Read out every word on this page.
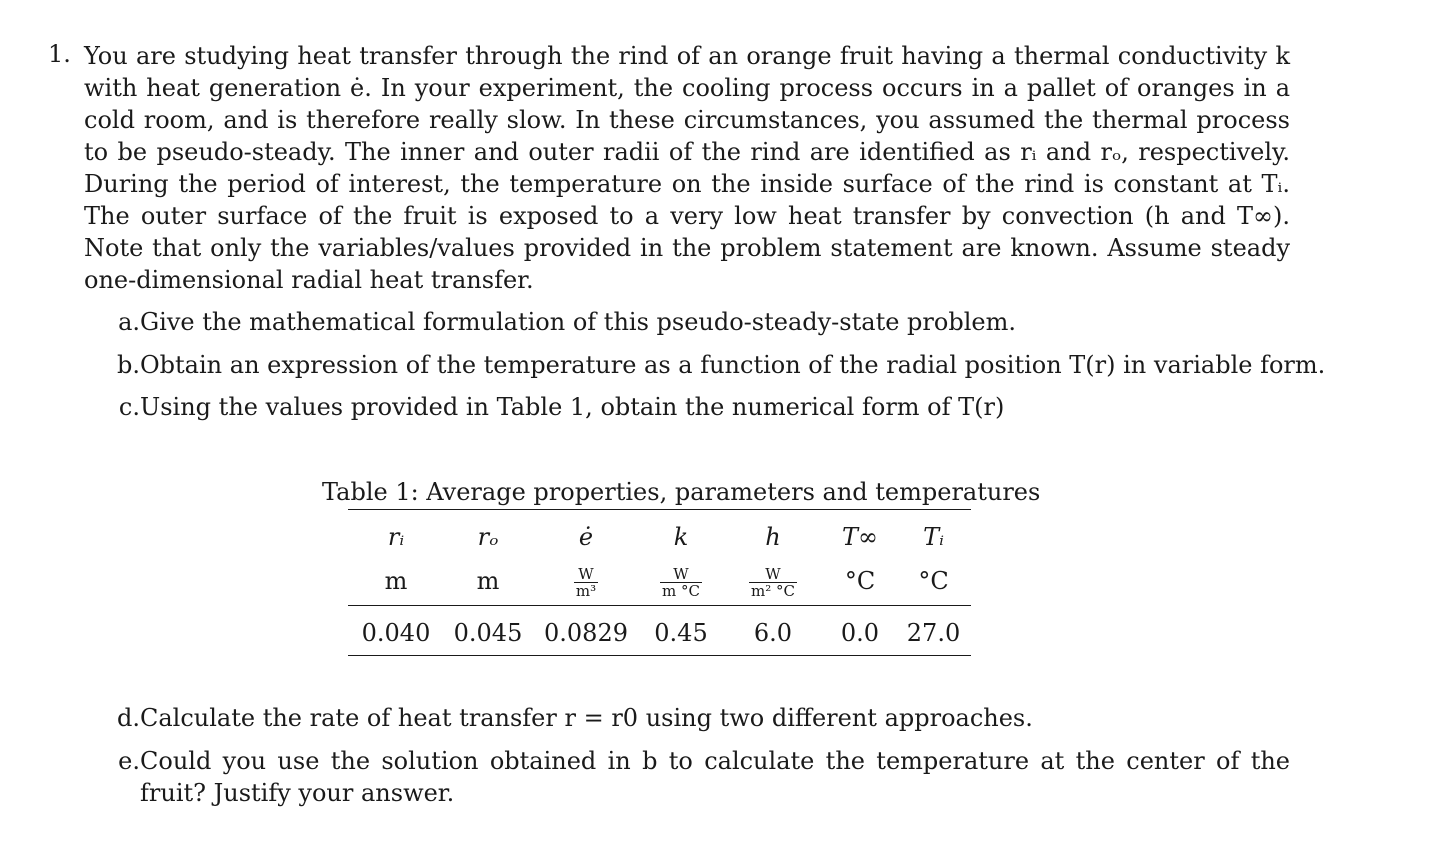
1. You are studying heat transfer through the rind of an orange fruit having a thermal conductivity k with heat generation ė. In your experiment, the cooling process occurs in a pallet of oranges in a cold room, and is therefore really slow. In these circumstances, you assumed the thermal process to be pseudo-steady. The inner and outer radii of the rind are identified as rᵢ and rₒ, respectively. During the period of interest, the temperature on the inside surface of the rind is constant at Tᵢ. The outer surface of the fruit is exposed to a very low heat transfer by convection (h and T∞). Note that only the variables/values provided in the problem statement are known. Assume steady one-dimensional radial heat transfer.
a. Give the mathematical formulation of this pseudo-steady-state problem.
b. Obtain an expression of the temperature as a function of the radial position T(r) in variable form.
c. Using the values provided in Table 1, obtain the numerical form of T(r)
Table 1: Average properties, parameters and temperatures
rᵢ	rₒ	ė	k	h	T∞	Tᵢ
m	m	$\frac{W}{\text{m³}}$	$\frac{W}{m ^\circ C}$	$\frac{W}{\text{m² °C}}$	°C	°C
0.040 0.045 0.0829	0.45	6.0	0.0	27.0
d. Calculate the rate of heat transfer r = r0 using two different approaches.
e. Could you use the solution obtained in b to calculate the temperature at the center of the fruit? Justify your answer.
